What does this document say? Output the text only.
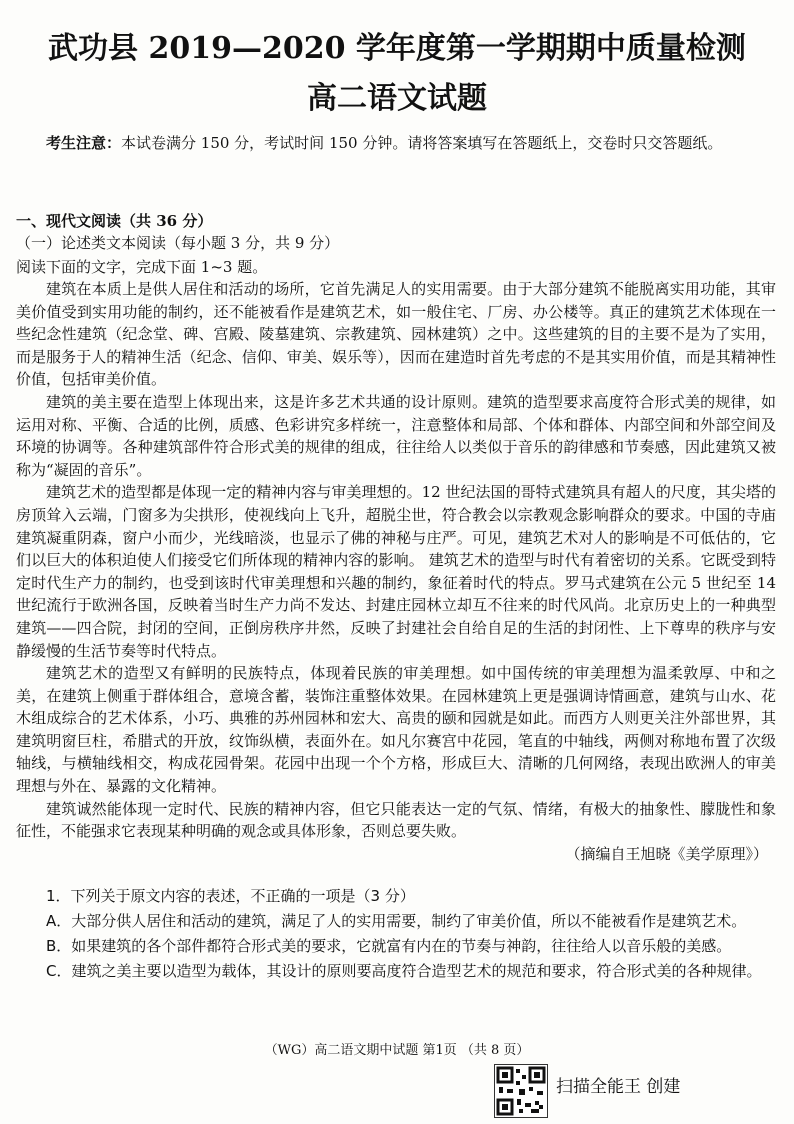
武功县 2019—2020 学年度第一学期期中质量检测
高二语文试题
考生注意：本试卷满分 150 分，考试时间 150 分钟。请将答案填写在答题纸上，交卷时只交答题纸。
一、现代文阅读（共 36 分）
（一）论述类文本阅读（每小题 3 分，共 9 分）
阅读下面的文字，完成下面 1~3 题。

建筑在本质上是供人居住和活动的场所，它首先满足人的实用需要。由于大部分建筑不能脱离实用功能，其审美价值受到实用功能的制约，还不能被看作是建筑艺术，如一般住宅、厂房、办公楼等。真正的建筑艺术体现在一些纪念性建筑（纪念堂、碑、宫殿、陵墓建筑、宗教建筑、园林建筑）之中。这些建筑的目的主要不是为了实用，而是服务于人的精神生活（纪念、信仰、审美、娱乐等），因而在建造时首先考虑的不是其实用价值，而是其精神性价值，包括审美价值。

建筑的美主要在造型上体现出来，这是许多艺术共通的设计原则。建筑的造型要求高度符合形式美的规律，如运用对称、平衡、合适的比例，质感、色彩讲究多样统一，注意整体和局部、个体和群体、内部空间和外部空间及环境的协调等。各种建筑部件符合形式美的规律的组成，往往给人以类似于音乐的韵律感和节奏感，因此建筑又被称为“凝固的音乐”。

建筑艺术的造型都是体现一定的精神内容与审美理想的。12 世纪法国的哥特式建筑具有超人的尺度，其尖塔的房顶耸入云端，门窗多为尖拱形，使视线向上飞升，超脱尘世，符合教会以宗教观念影响群众的要求。中国的寺庙建筑凝重阴森，窗户小而少，光线暗淡，也显示了佛的神秘与庄严。可见，建筑艺术对人的影响是不可低估的，它们以巨大的体积迫使人们接受它们所体现的精神内容的影响。 建筑艺术的造型与时代有着密切的关系。它既受到特定时代生产力的制约，也受到该时代审美理想和兴趣的制约，象征着时代的特点。罗马式建筑在公元 5 世纪至 14 世纪流行于欧洲各国，反映着当时生产力尚不发达、封建庄园林立却互不往来的时代风尚。北京历史上的一种典型建筑——四合院，封闭的空间，正倒房秩序井然，反映了封建社会自给自足的生活的封闭性、上下尊卑的秩序与安静缓慢的生活节奏等时代特点。

建筑艺术的造型又有鲜明的民族特点，体现着民族的审美理想。如中国传统的审美理想为温柔敦厚、中和之美，在建筑上侧重于群体组合，意境含蓄，装饰注重整体效果。在园林建筑上更是强调诗情画意，建筑与山水、花木组成综合的艺术体系，小巧、典雅的苏州园林和宏大、高贵的颐和园就是如此。而西方人则更关注外部世界，其建筑明窗巨柱，希腊式的开放，纹饰纵横，表面外在。如凡尔赛宫中花园，笔直的中轴线，两侧对称地布置了次级轴线，与横轴线相交，构成花园骨架。花园中出现一个个方格，形成巨大、清晰的几何网络，表现出欧洲人的审美理想与外在、暴露的文化精神。

建筑诚然能体现一定时代、民族的精神内容，但它只能表达一定的气氛、情绪，有极大的抽象性、朦胧性和象征性，不能强求它表现某种明确的观念或具体形象，否则总要失败。

（摘编自王旭晓《美学原理》）

1．下列关于原文内容的表述，不正确的一项是（3 分）

A．大部分供人居住和活动的建筑，满足了人的实用需要，制约了审美价值，所以不能被看作是建筑艺术。

B．如果建筑的各个部件都符合形式美的要求，它就富有内在的节奏与神韵，往往给人以音乐般的美感。

C．建筑之美主要以造型为载体，其设计的原则要高度符合造型艺术的规范和要求，符合形式美的各种规律。

（WG）高二语文期中试题 第1页 （共 8 页）
扫描全能王 创建
